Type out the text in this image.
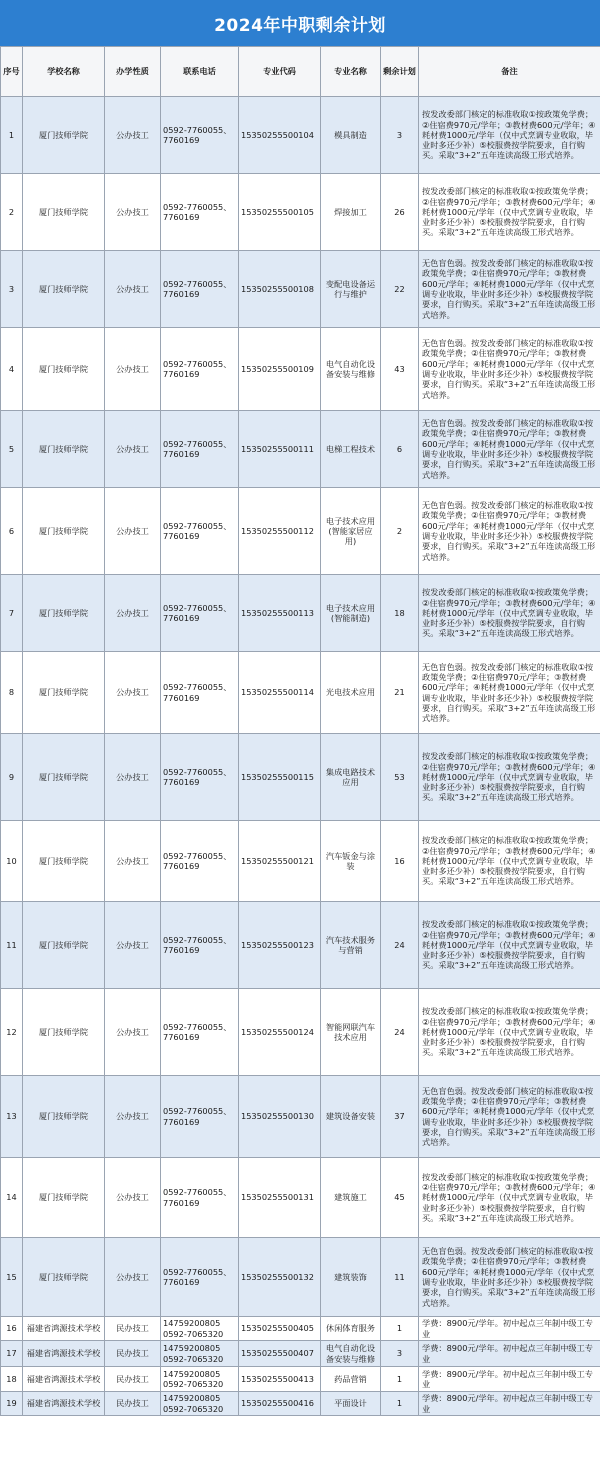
2024年中职剩余计划
序号	学校名称	办学性质	联系电话	专业代码	专业名称	剩余计划	备注
1	厦门技师学院	公办技工	0592-7760055、7760169	15350255500104	模具制造	3	按发改委部门核定的标准收取①按政策免学费；②住宿费970元/学年；③教材费600元/学年；④耗材费1000元/学年（仅中式烹调专业收取，毕业时多还少补）⑤校服费按学院要求，自行购买。采取“3+2”五年连读高级工形式培养。
2	厦门技师学院	公办技工	0592-7760055、7760169	15350255500105	焊接加工	26	按发改委部门核定的标准收取①按政策免学费；②住宿费970元/学年；③教材费600元/学年；④耗材费1000元/学年（仅中式烹调专业收取，毕业时多还少补）⑤校服费按学院要求，自行购买。采取“3+2”五年连读高级工形式培养。
3	厦门技师学院	公办技工	0592-7760055、7760169	15350255500108	变配电设备运行与维护	22	无色盲色弱。按发改委部门核定的标准收取①按政策免学费；②住宿费970元/学年；③教材费600元/学年；④耗材费1000元/学年（仅中式烹调专业收取，毕业时多还少补）⑤校服费按学院要求，自行购买。采取“3+2”五年连读高级工形式培养。
4	厦门技师学院	公办技工	0592-7760055、7760169	15350255500109	电气自动化设备安装与维修	43	无色盲色弱。按发改委部门核定的标准收取①按政策免学费；②住宿费970元/学年；③教材费600元/学年；④耗材费1000元/学年（仅中式烹调专业收取，毕业时多还少补）⑤校服费按学院要求，自行购买。采取“3+2”五年连读高级工形式培养。
5	厦门技师学院	公办技工	0592-7760055、7760169	15350255500111	电梯工程技术	6	无色盲色弱。按发改委部门核定的标准收取①按政策免学费；②住宿费970元/学年；③教材费600元/学年；④耗材费1000元/学年（仅中式烹调专业收取，毕业时多还少补）⑤校服费按学院要求，自行购买。采取“3+2”五年连读高级工形式培养。
6	厦门技师学院	公办技工	0592-7760055、7760169	15350255500112	电子技术应用(智能家居应用)	2	无色盲色弱。按发改委部门核定的标准收取①按政策免学费；②住宿费970元/学年；③教材费600元/学年；④耗材费1000元/学年（仅中式烹调专业收取，毕业时多还少补）⑤校服费按学院要求，自行购买。采取“3+2”五年连读高级工形式培养。
7	厦门技师学院	公办技工	0592-7760055、7760169	15350255500113	电子技术应用(智能制造)	18	按发改委部门核定的标准收取①按政策免学费；②住宿费970元/学年；③教材费600元/学年；④耗材费1000元/学年（仅中式烹调专业收取，毕业时多还少补）⑤校服费按学院要求，自行购买。采取“3+2”五年连读高级工形式培养。
8	厦门技师学院	公办技工	0592-7760055、7760169	15350255500114	光电技术应用	21	无色盲色弱。按发改委部门核定的标准收取①按政策免学费；②住宿费970元/学年；③教材费600元/学年；④耗材费1000元/学年（仅中式烹调专业收取，毕业时多还少补）⑤校服费按学院要求，自行购买。采取“3+2”五年连读高级工形式培养。
9	厦门技师学院	公办技工	0592-7760055、7760169	15350255500115	集成电路技术应用	53	按发改委部门核定的标准收取①按政策免学费；②住宿费970元/学年；③教材费600元/学年；④耗材费1000元/学年（仅中式烹调专业收取，毕业时多还少补）⑤校服费按学院要求，自行购买。采取“3+2”五年连读高级工形式培养。
10	厦门技师学院	公办技工	0592-7760055、7760169	15350255500121	汽车钣金与涂装	16	按发改委部门核定的标准收取①按政策免学费；②住宿费970元/学年；③教材费600元/学年；④耗材费1000元/学年（仅中式烹调专业收取，毕业时多还少补）⑤校服费按学院要求，自行购买。采取“3+2”五年连读高级工形式培养。
11	厦门技师学院	公办技工	0592-7760055、7760169	15350255500123	汽车技术服务与营销	24	按发改委部门核定的标准收取①按政策免学费；②住宿费970元/学年；③教材费600元/学年；④耗材费1000元/学年（仅中式烹调专业收取，毕业时多还少补）⑤校服费按学院要求，自行购买。采取“3+2”五年连读高级工形式培养。
12	厦门技师学院	公办技工	0592-7760055、7760169	15350255500124	智能网联汽车技术应用	24	按发改委部门核定的标准收取①按政策免学费；②住宿费970元/学年；③教材费600元/学年；④耗材费1000元/学年（仅中式烹调专业收取，毕业时多还少补）⑤校服费按学院要求，自行购买。采取“3+2”五年连读高级工形式培养。
13	厦门技师学院	公办技工	0592-7760055、7760169	15350255500130	建筑设备安装	37	无色盲色弱。按发改委部门核定的标准收取①按政策免学费；②住宿费970元/学年；③教材费600元/学年；④耗材费1000元/学年（仅中式烹调专业收取，毕业时多还少补）⑤校服费按学院要求，自行购买。采取“3+2”五年连读高级工形式培养。
14	厦门技师学院	公办技工	0592-7760055、7760169	15350255500131	建筑施工	45	按发改委部门核定的标准收取①按政策免学费；②住宿费970元/学年；③教材费600元/学年；④耗材费1000元/学年（仅中式烹调专业收取，毕业时多还少补）⑤校服费按学院要求，自行购买。采取“3+2”五年连读高级工形式培养。
15	厦门技师学院	公办技工	0592-7760055、7760169	15350255500132	建筑装饰	11	无色盲色弱。按发改委部门核定的标准收取①按政策免学费；②住宿费970元/学年；③教材费600元/学年；④耗材费1000元/学年（仅中式烹调专业收取，毕业时多还少补）⑤校服费按学院要求，自行购买。采取“3+2”五年连读高级工形式培养。
16	福建省鸿源技术学校	民办技工	14759200805 0592-7065320	15350255500405	休闲体育服务	1	学费：8900元/学年。初中起点三年制中级工专业
17	福建省鸿源技术学校	民办技工	14759200805 0592-7065320	15350255500407	电气自动化设备安装与维修	3	学费：8900元/学年。初中起点三年制中级工专业
18	福建省鸿源技术学校	民办技工	14759200805 0592-7065320	15350255500413	药品营销	1	学费：8900元/学年。初中起点三年制中级工专业
19	福建省鸿源技术学校	民办技工	14759200805 0592-7065320	15350255500416	平面设计	1	学费：8900元/学年。初中起点三年制中级工专业
